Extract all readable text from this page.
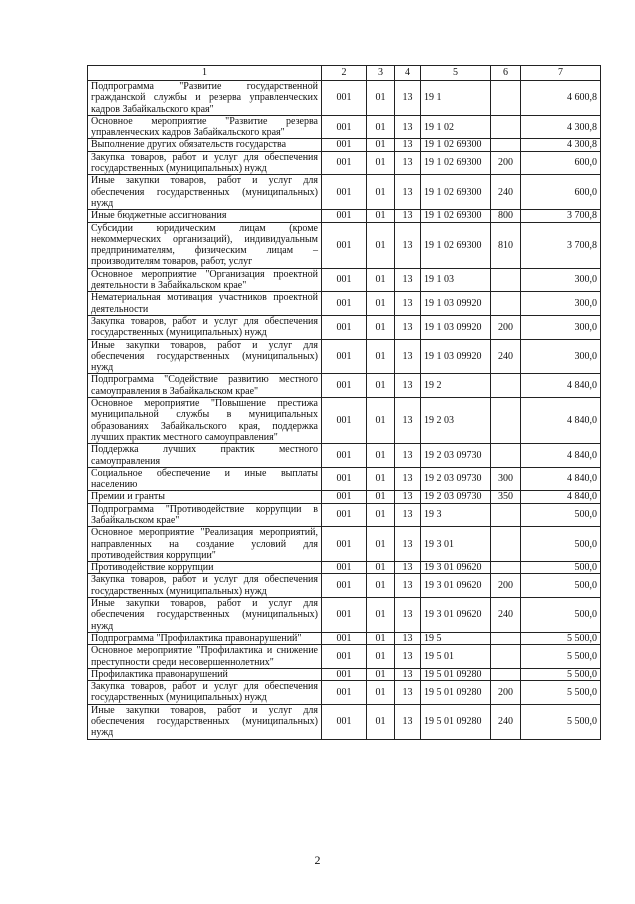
1	2	3	4	5	6	7
Подпрограмма "Развитие государственной гражданской службы и резерва управленческих кадров Забайкальского края"	001	01	13	19 1		4 600,8
Основное мероприятие "Развитие резерва управленческих кадров Забайкальского края"	001	01	13	19 1 02		4 300,8
Выполнение других обязательств государства	001	01	13	19 1 02 69300		4 300,8
Закупка товаров, работ и услуг для обеспечения государственных (муниципальных) нужд	001	01	13	19 1 02 69300	200	600,0
Иные закупки товаров, работ и услуг для обеспечения государственных (муниципальных) нужд	001	01	13	19 1 02 69300	240	600,0
Иные бюджетные ассигнования	001	01	13	19 1 02 69300	800	3 700,8
Субсидии юридическим лицам (кроме некоммерческих организаций), индивидуальным предпринимателям, физическим лицам – производителям товаров, работ, услуг	001	01	13	19 1 02 69300	810	3 700,8
Основное мероприятие "Организация проектной деятельности в Забайкальском крае"	001	01	13	19 1 03		300,0
Нематериальная мотивация участников проектной деятельности	001	01	13	19 1 03 09920		300,0
Закупка товаров, работ и услуг для обеспечения государственных (муниципальных) нужд	001	01	13	19 1 03 09920	200	300,0
Иные закупки товаров, работ и услуг для обеспечения государственных (муниципальных) нужд	001	01	13	19 1 03 09920	240	300,0
Подпрограмма "Содействие развитию местного самоуправления в Забайкальском крае"	001	01	13	19 2		4 840,0
Основное мероприятие "Повышение престижа муниципальной службы в муниципальных образованиях Забайкальского края, поддержка лучших практик местного самоуправления"	001	01	13	19 2 03		4 840,0
Поддержка лучших практик местного самоуправления	001	01	13	19 2 03 09730		4 840,0
Социальное обеспечение и иные выплаты населению	001	01	13	19 2 03 09730	300	4 840,0
Премии и гранты	001	01	13	19 2 03 09730	350	4 840,0
Подпрограмма "Противодействие коррупции в Забайкальском крае"	001	01	13	19 3		500,0
Основное мероприятие "Реализация мероприятий, направленных на создание условий для противодействия коррупции"	001	01	13	19 3 01		500,0
Противодействие коррупции	001	01	13	19 3 01 09620		500,0
Закупка товаров, работ и услуг для обеспечения государственных (муниципальных) нужд	001	01	13	19 3 01 09620	200	500,0
Иные закупки товаров, работ и услуг для обеспечения государственных (муниципальных) нужд	001	01	13	19 3 01 09620	240	500,0
Подпрограмма "Профилактика правонарушений"	001	01	13	19 5		5 500,0
Основное мероприятие "Профилактика и снижение преступности среди несовершеннолетних"	001	01	13	19 5 01		5 500,0
Профилактика правонарушений	001	01	13	19 5 01 09280		5 500,0
Закупка товаров, работ и услуг для обеспечения государственных (муниципальных) нужд	001	01	13	19 5 01 09280	200	5 500,0
Иные закупки товаров, работ и услуг для обеспечения государственных (муниципальных) нужд	001	01	13	19 5 01 09280	240	5 500,0
2
